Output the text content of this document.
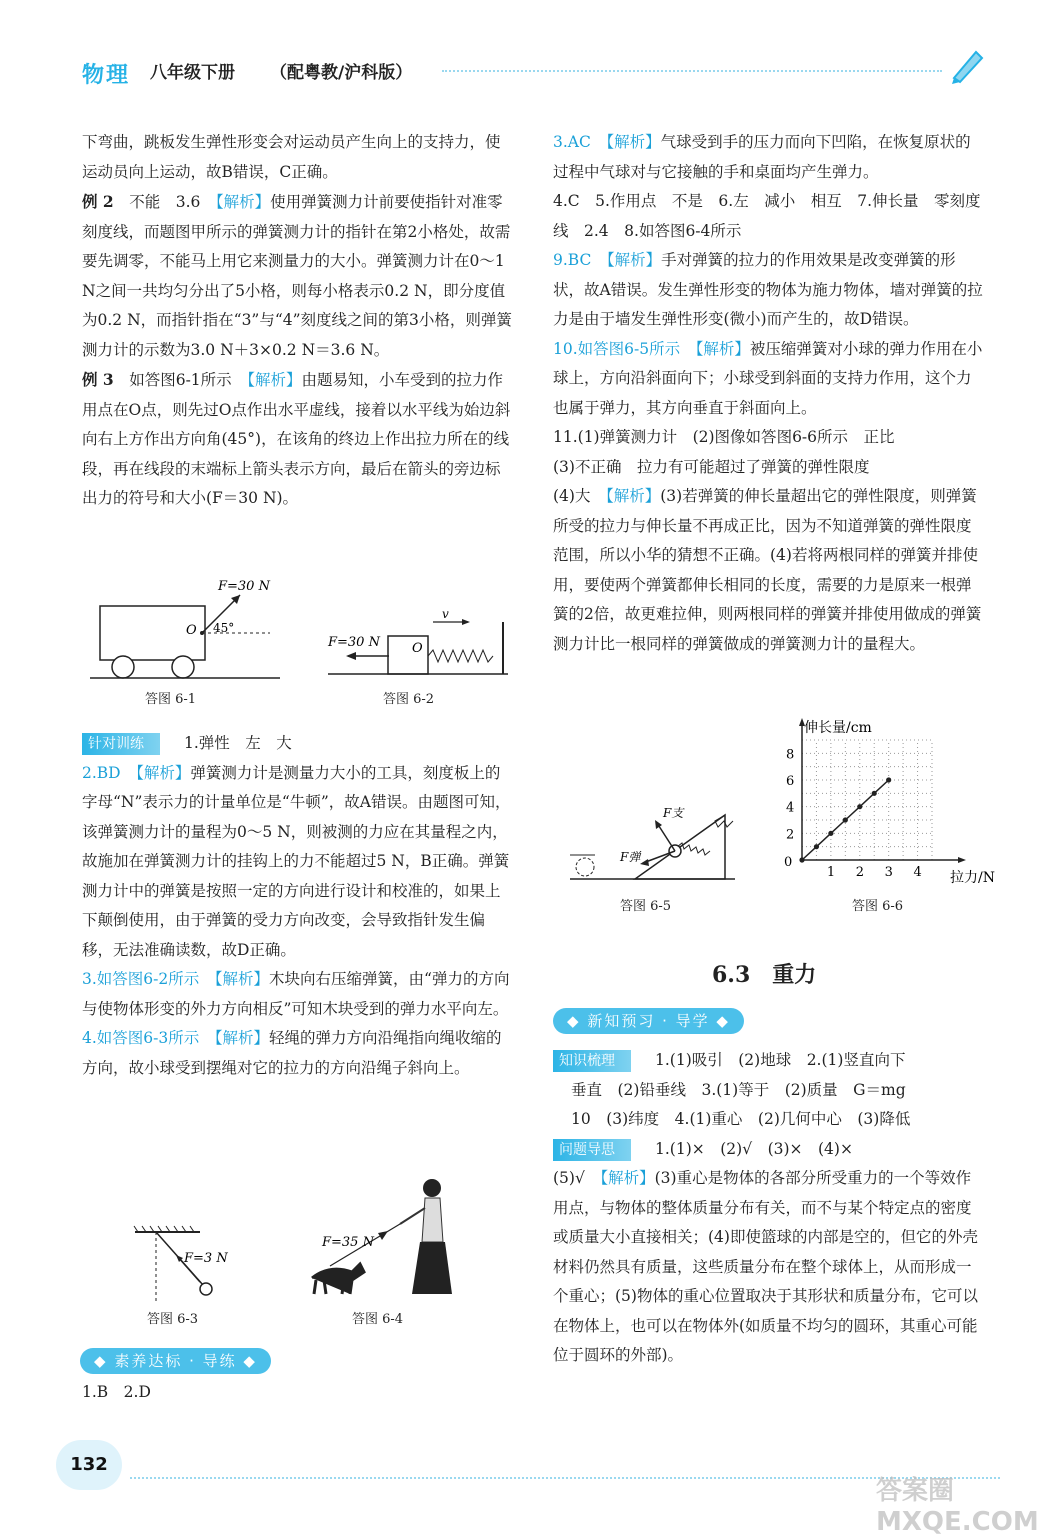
物理 八年级下册 （配粤教/沪科版）

下弯曲，跳板发生弹性形变会对运动员产生向上的支持力，使运动员向上运动，故B错误，C正确。

例 2　 不能　3.6　 【解析】使用弹簧测力计前要使指针对准零刻度线，而题图甲所示的弹簧测力计的指针在第2小格处，故需要先调零，不能马上用它来测量力的大小。弹簧测力计在0～1 N之间一共均匀分出了5小格，则每小格表示0.2 N，即分度值为0.2 N，而指针指在“3”与“4”刻度线之间的第3小格，则弹簧测力计的示数为3.0 N＋3×0.2 N＝3.6 N。

例 3　 如答图6-1所示　 【解析】由题易知，小车受到的拉力作用点在O点，则先过O点作出水平虚线，接着以水平线为始边斜向右上方作出方向角(45°)，在该角的终边上作出拉力所在的线段，再在线段的末端标上箭头表示方向，最后在箭头的旁边标出力的符号和大小(F＝30 N)。

F=30 N
O 45°
答图 6-1
F=30 N O
v
答图 6-2

针对训练	1.弹性　左　大

2.BD　 【解析】弹簧测力计是测量力大小的工具，刻度板上的字母“N”表示力的计量单位是“牛顿”，故A错误。由题图可知，该弹簧测力计的量程为0～5 N，则被测的力应在其量程之内，故施加在弹簧测力计的挂钩上的力不能超过5 N，B正确。弹簧测力计中的弹簧是按照一定的方向进行设计和校准的，如果上下颠倒使用，由于弹簧的受力方向改变，会导致指针发生偏移，无法准确读数，故D正确。

3.如答图6-2所示　 【解析】木块向右压缩弹簧，由“弹力的方向与使物体形变的外力方向相反”可知木块受到的弹力水平向左。

4.如答图6-3所示　 【解析】轻绳的弹力方向沿绳指向绳收缩的方向，故小球受到摆绳对它的拉力的方向沿绳子斜向上。

F=3 N
答图 6-3
F=35 N
答图 6-4
◆ 素养达标 · 导练 ◆
1.B　2.D

3.AC　 【解析】气球受到手的压力而向下凹陷，在恢复原状的过程中气球对与它接触的手和桌面均产生弹力。

4.C　5.作用点　不是　6.左　减小　相互　7.伸长量　零刻度线　2.4　8.如答图6-4所示

9.BC　 【解析】手对弹簧的拉力的作用效果是改变弹簧的形状，故A错误。发生弹性形变的物体为施力物体，墙对弹簧的拉力是由于墙发生弹性形变(微小)而产生的，故D错误。

10.如答图6-5所示　 【解析】被压缩弹簧对小球的弹力作用在小球上，方向沿斜面向下；小球受到斜面的支持力作用，这个力也属于弹力，其方向垂直于斜面向上。

11.(1)弹簧测力计　(2)图像如答图6-6所示　正比

(3)不正确　拉力有可能超过了弹簧的弹性限度

(4)大　 【解析】(3)若弹簧的伸长量超出它的弹性限度，则弹簧所受的拉力与伸长量不再成正比，因为不知道弹簧的弹性限度范围，所以小华的猜想不正确。(4)若将两根同样的弹簧并排使用，要使两个弹簧都伸长相同的长度，需要的力是原来一根弹簧的2倍，故更难拉伸，则两根同样的弹簧并排使用做成的弹簧测力计比一根同样的弹簧做成的弹簧测力计的量程大。

F支
F弹
答图 6-5
1 2 3 4
2
4
6
8
0
拉力/N
伸长量/cm
答图 6-6
6.3　重力
◆ 新知预习 · 导学 ◆

知识梳理	1.(1)吸引　(2)地球　2.(1)竖直向下

垂直　(2)铅垂线　3.(1)等于　(2)质量　G＝mg

10　(3)纬度　4.(1)重心　(2)几何中心　(3)降低

问题导思	1.(1)×　(2)√　(3)×　(4)×

(5)√　 【解析】(3)重心是物体的各部分所受重力的一个等效作用点，与物体的整体质量分布有关，而不与某个特定点的密度或质量大小直接相关；(4)即使篮球的内部是空的，但它的外壳材料仍然具有质量，这些质量分布在整个球体上，从而形成一个重心；(5)物体的重心位置取决于其形状和质量分布，它可以在物体上，也可以在物体外(如质量不均匀的圆环，其重心可能位于圆环的外部)。

132
答案圈 MXQE.COM
